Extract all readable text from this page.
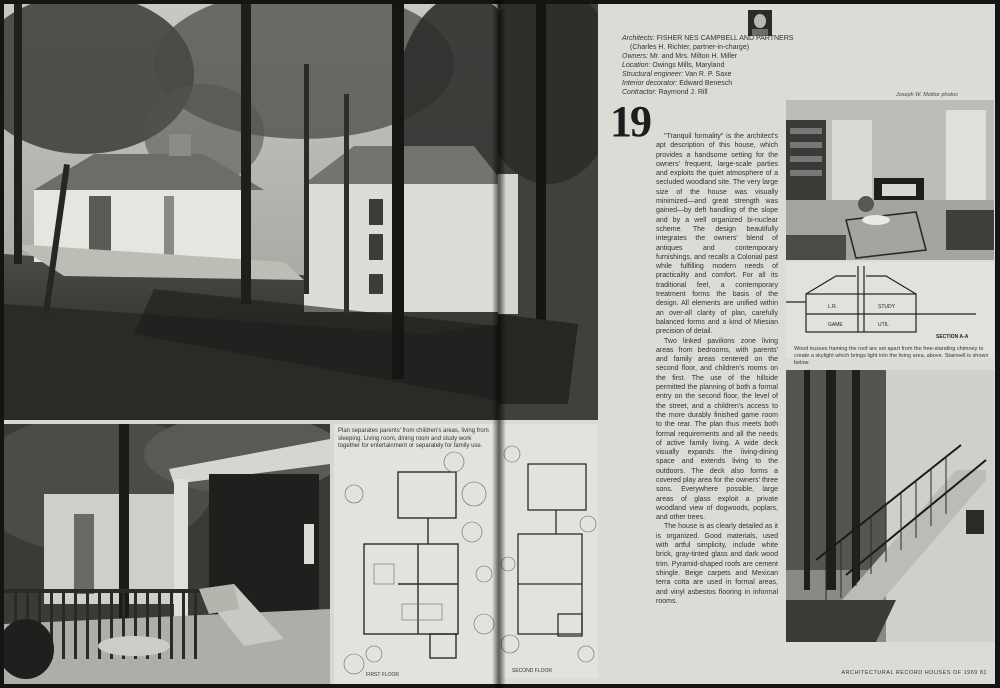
Plan separates parents' from children's areas, living from sleeping. Living room, dining room and study work together for entertainment or separately for family use.
FIRST FLOOR
SECOND FLOOR
Architects: FISHER NES CAMPBELL AND PARTNERS
(Charles H. Richter, partner-in-charge)
Owners: Mr. and Mrs. Milton H. Miller
Location: Owings Mills, Maryland
Structural engineer: Van R. P. Saxe
Interior decorator: Edward Benesch
Contractor: Raymond J. Rill
19	"Tranquil formality" is the architect's apt description of this house, which provides a handsome setting for the owners' frequent, large-scale parties and exploits the quiet atmosphere of a secluded woodland site. The very large size of the house was visually minimized—and great strength was gained—by deft handling of the slope and by a well organized bi-nuclear scheme. The design beautifully integrates the owners' blend of antiques and contemporary furnishings, and recalls a Colonial past while fulfilling modern needs of practicality and comfort. For all its traditional feel, a contemporary treatment forms the basis of the design. All elements are unified within an over-all clarity of plan, carefully balanced forms and a kind of Miesian precision of detail.

Two linked pavilions zone living areas from bedrooms, with parents' and family areas centered on the second floor, and children's rooms on the first. The use of the hillside permitted the planning of both a formal entry on the second floor, the level of the street, and a children's access to the more durably finished game room to the rear. The plan thus meets both formal requirements and all the needs of active family living. A wide deck visually expands the living-dining space and extends living to the outdoors. The deck also forms a covered play area for the owners' three sons. Everywhere possible, large areas of glass exploit a private woodland view of dogwoods, poplars, and other trees.

The house is as clearly detailed as it is organized. Good materials, used with artful simplicity, include white brick, gray-tinted glass and dark wood trim. Pyramid-shaped roofs are cement shingle. Beige carpets and Mexican terra cotta are used in formal areas, and vinyl asbestos flooring in informal rooms.

Joseph W. Molitor photos
L.R.	STUDY
GAME	UTIL
SECTION A-A
Wood trusses framing the roof are set apart from the free-standing chimney to create a skylight which brings light into the living area, above. Stairwell is shown below.
ARCHITECTURAL RECORD HOUSES OF 1969 81
